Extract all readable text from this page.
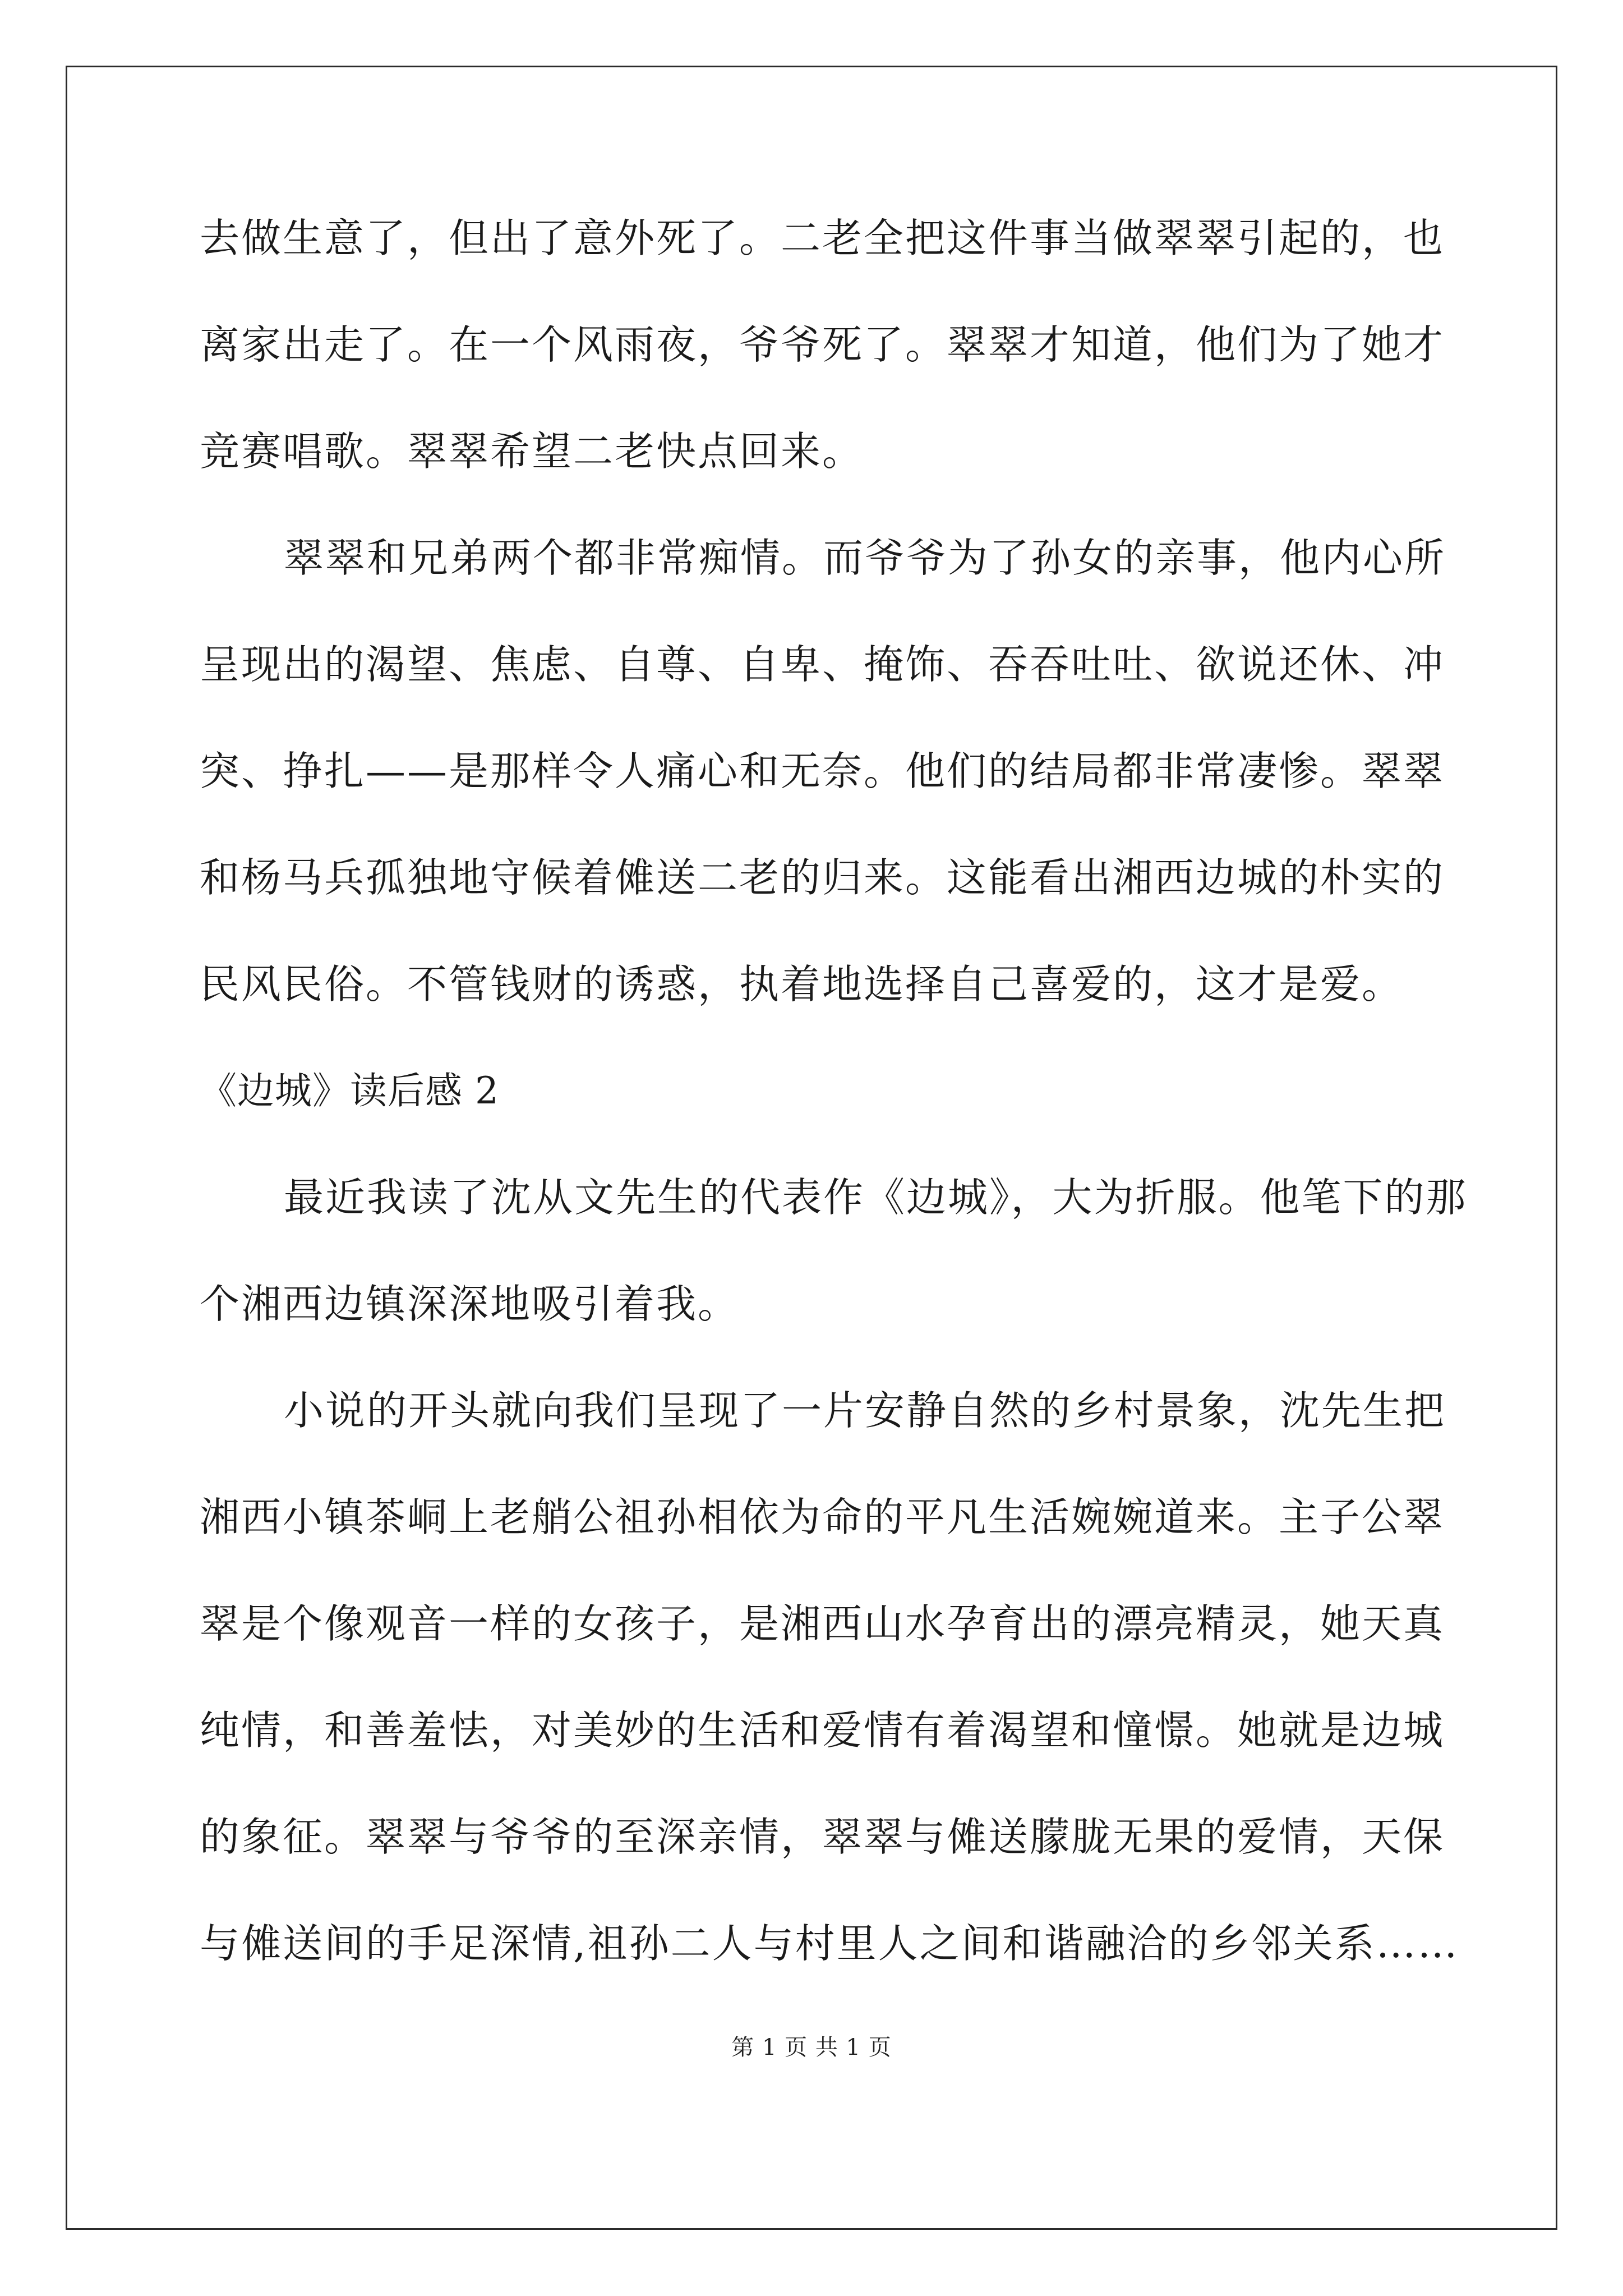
去做生意了，但出了意外死了。二老全把这件事当做翠翠引起的，也
离家出走了。在一个风雨夜，爷爷死了。翠翠才知道，他们为了她才
竞赛唱歌。翠翠希望二老快点回来。
翠翠和兄弟两个都非常痴情。而爷爷为了孙女的亲事，他内心所
呈现出的渴望、焦虑、自尊、自卑、掩饰、吞吞吐吐、欲说还休、冲
突、挣扎——是那样令人痛心和无奈。他们的结局都非常凄惨。翠翠
和杨马兵孤独地守候着傩送二老的归来。这能看出湘西边城的朴实的
民风民俗。不管钱财的诱惑，执着地选择自己喜爱的，这才是爱。
《边城》读后感 2
最近我读了沈从文先生的代表作《边城》，大为折服。他笔下的那
个湘西边镇深深地吸引着我。
小说的开头就向我们呈现了一片安静自然的乡村景象，沈先生把
湘西小镇茶峒上老艄公祖孙相依为命的平凡生活婉婉道来。主子公翠
翠是个像观音一样的女孩子，是湘西山水孕育出的漂亮精灵，她天真
纯情，和善羞怯，对美妙的生活和爱情有着渴望和憧憬。她就是边城
的象征。翠翠与爷爷的至深亲情，翠翠与傩送朦胧无果的爱情，天保
与傩送间的手足深情,祖孙二人与村里人之间和谐融洽的乡邻关系……
第 1 页 共 1 页
